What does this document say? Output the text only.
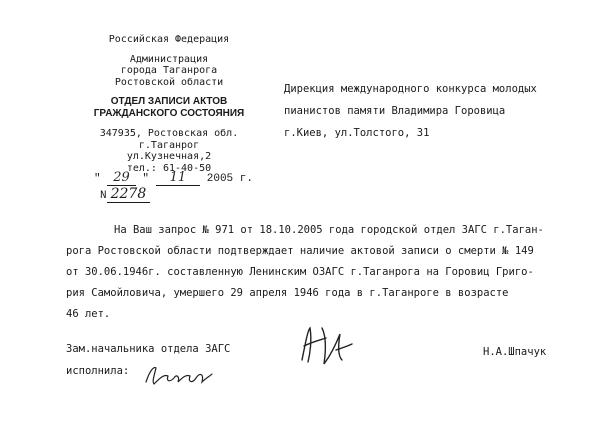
Российская Федерация
Администрация
города Таганрога
Ростовской области
ОТДЕЛ ЗАПИСИ АКТОВ
ГРАЖДАНСКОГО СОСТОЯНИЯ
347935, Ростовская обл.
г.Таганрог
ул.Кузнечная,2
тел.: 61-40-50
" 29 " 11 2005 г.
N 2278
Дирекция международного конкурса молодых
пианистов памяти Владимира Горовица
г.Киев, ул.Толстого, 31
На Ваш запрос № 971 от 18.10.2005 года городской отдел ЗАГС г.Таган-
рога Ростовской области подтверждает наличие актовой записи о смерти № 149
от 30.06.1946г. составленную Ленинским ОЗАГС г.Таганрога на Горовиц Григо-
рия Самойловича, умершего 29 апреля 1946 года в г.Таганроге в возрасте
46 лет.
Зам.начальника отдела ЗАГС
исполнила:
Н.А.Шпачук
